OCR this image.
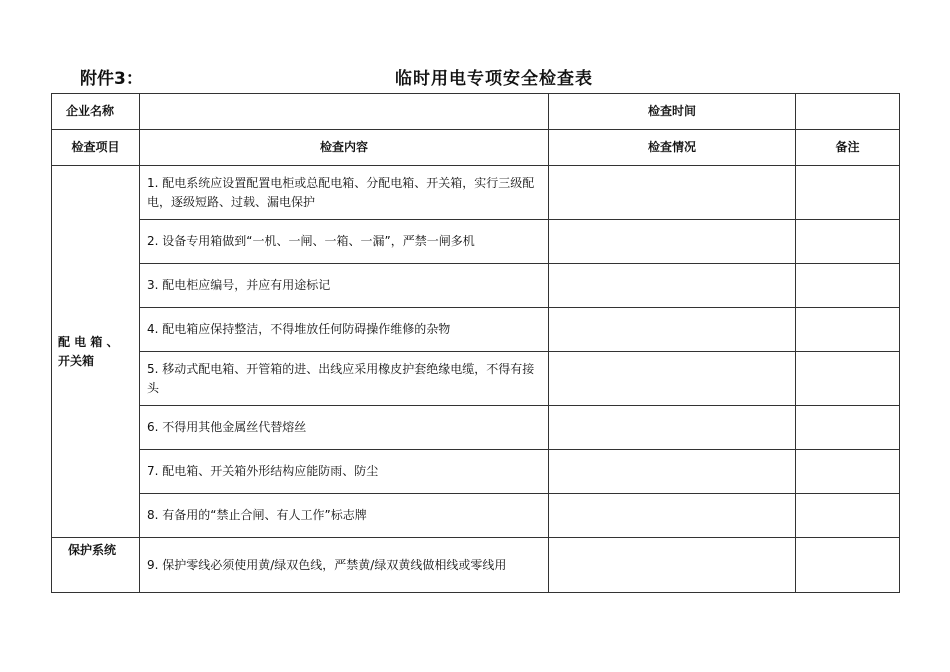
附件3：	临时用电专项安全检查表
企业名称		检查时间	
检查项目	检查内容	检查情况	备注

配 电 箱 、
开关箱	1. 配电系统应设置配置电柜或总配电箱、分配电箱、开关箱，实行三级配电，逐级短路、过载、漏电保护		
	2. 设备专用箱做到“一机、一闸、一箱、一漏”，严禁一闸多机		
	3. 配电柜应编号，并应有用途标记		
	4. 配电箱应保持整洁，不得堆放任何防碍操作维修的杂物		
	5. 移动式配电箱、开管箱的进、出线应采用橡皮护套绝缘电缆，不得有接头		
	6. 不得用其他金属丝代替熔丝		
	7. 配电箱、开关箱外形结构应能防雨、防尘		
	8. 有备用的“禁止合闸、有人工作”标志牌		
保护系统	9. 保护零线必须使用黄/绿双色线，严禁黄/绿双黄线做相线或零线用		
